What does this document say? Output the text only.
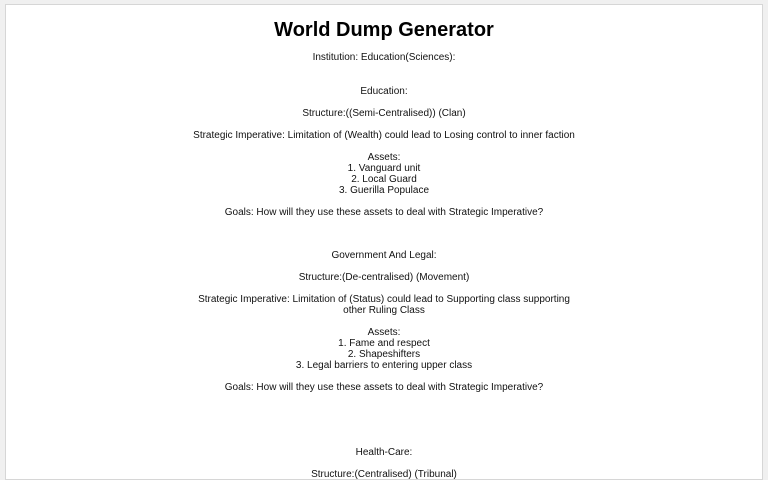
World Dump Generator

Institution: Education(Sciences):

Education:

Structure:((Semi-Centralised)) (Clan)

Strategic Imperative: Limitation of (Wealth) could lead to Losing control to inner faction

Assets:

1. Vanguard unit
2. Local Guard
3. Guerilla Populace

Goals: How will they use these assets to deal with Strategic Imperative?

Government And Legal:

Structure:(De-centralised) (Movement)

Strategic Imperative: Limitation of (Status) could lead to Supporting class supporting other Ruling Class

Assets:

1. Fame and respect
2. Shapeshifters
3. Legal barriers to entering upper class

Goals: How will they use these assets to deal with Strategic Imperative?

Health-Care:

Structure:(Centralised) (Tribunal)
